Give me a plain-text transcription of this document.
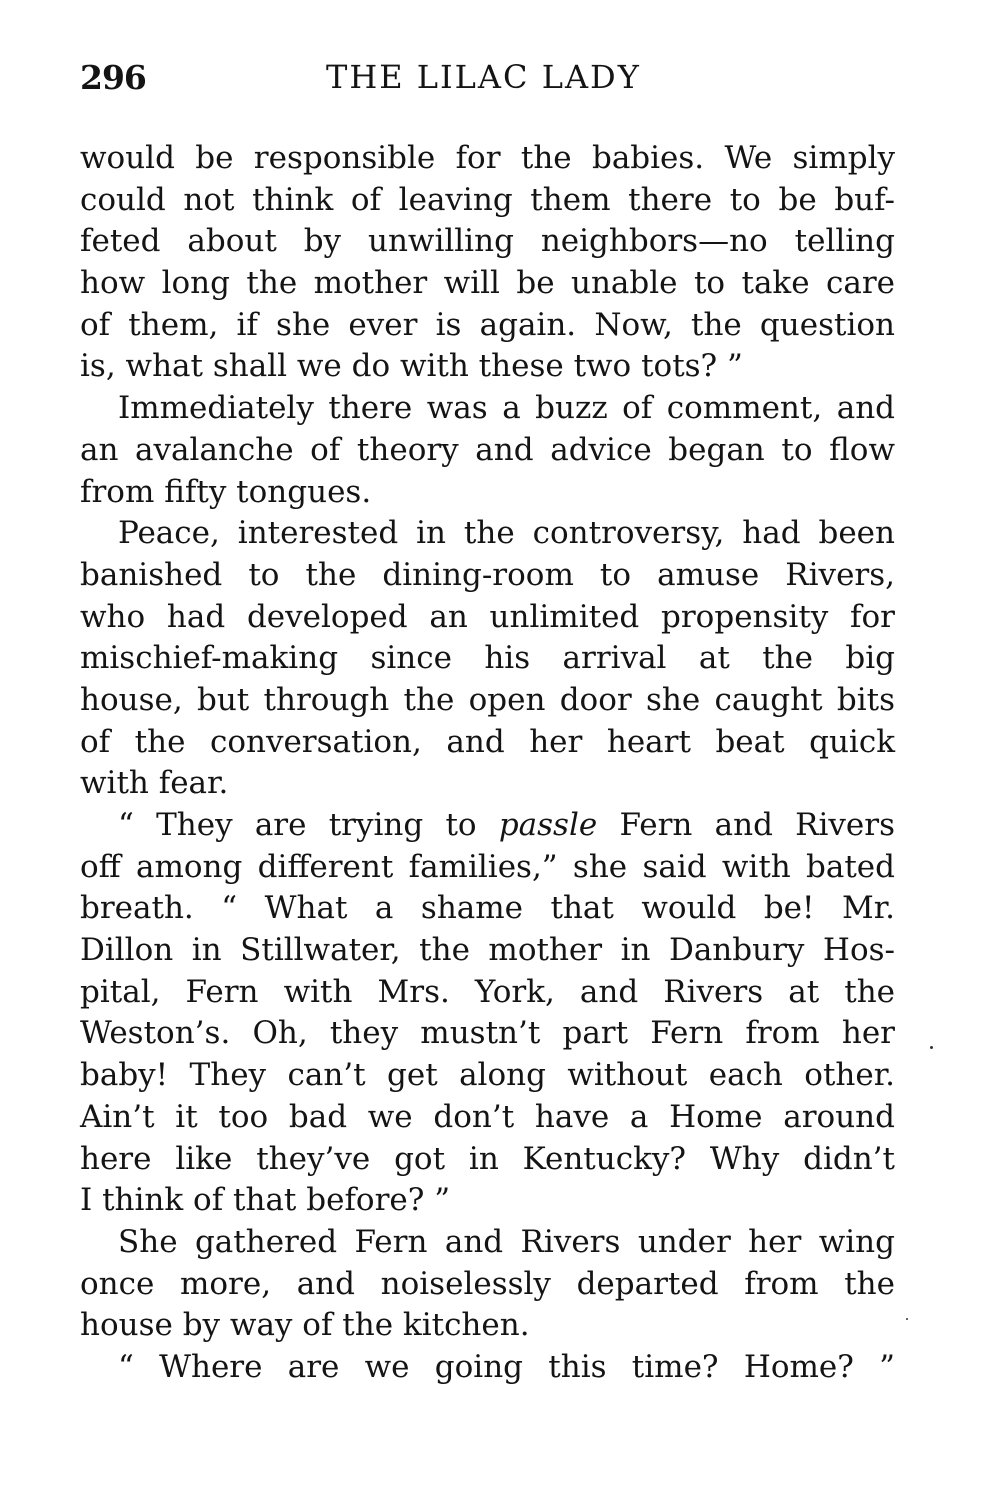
296	THE LILAC LADY
would be responsible for the babies. We simply
could not think of leaving them there to be buf-
feted about by unwilling neighbors—no telling
how long the mother will be unable to take care
of them, if she ever is again. Now, the question
is, what shall we do with these two tots? ”
Immediately there was a buzz of comment, and
an avalanche of theory and advice began to flow
from fifty tongues.
Peace, interested in the controversy, had been
banished to the dining-room to amuse Rivers,
who had developed an unlimited propensity for
mischief-making since his arrival at the big
house, but through the open door she caught bits
of the conversation, and her heart beat quick
with fear.
“ They are trying to passle Fern and Rivers
off among different families,” she said with bated
breath. “ What a shame that would be! Mr.
Dillon in Stillwater, the mother in Danbury Hos-
pital, Fern with Mrs. York, and Rivers at the
Weston’s. Oh, they mustn’t part Fern from her
baby! They can’t get along without each other.
Ain’t it too bad we don’t have a Home around
here like they’ve got in Kentucky? Why didn’t
I think of that before? ”
She gathered Fern and Rivers under her wing
once more, and noiselessly departed from the
house by way of the kitchen.
“ Where are we going this time? Home? ”
